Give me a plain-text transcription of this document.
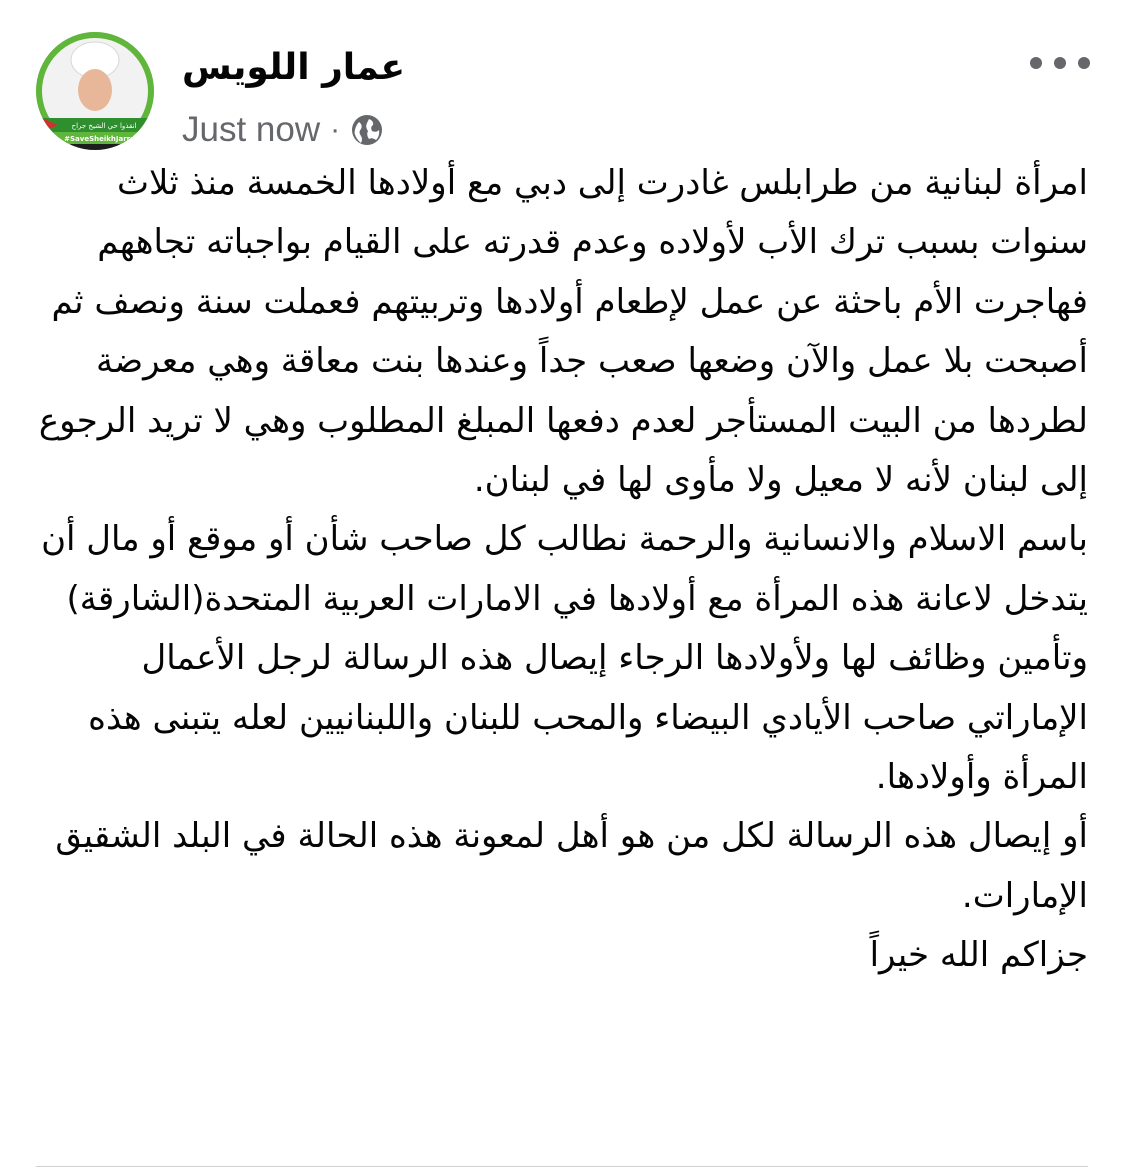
انقذوا حي الشيخ جراح
#SaveSheikhJarrah
عمار اللويس
Just now ·
امرأة لبنانية من طرابلس غادرت إلى دبي مع أولادها الخمسة منذ ثلاث سنوات بسبب ترك الأب لأولاده وعدم قدرته على القيام بواجباته تجاههم
فهاجرت الأم باحثة عن عمل لإطعام أولادها وتربيتهم فعملت سنة ونصف ثم أصبحت بلا عمل والآن وضعها صعب جداً وعندها بنت معاقة وهي معرضة لطردها من البيت المستأجر لعدم دفعها المبلغ المطلوب وهي لا تريد الرجوع إلى لبنان لأنه لا معيل ولا مأوى لها في لبنان.
باسم الاسلام والانسانية والرحمة نطالب كل صاحب شأن أو موقع أو مال أن يتدخل لاعانة هذه المرأة مع أولادها في الامارات العربية المتحدة(الشارقة) وتأمين وظائف لها ولأولادها الرجاء إيصال هذه الرسالة لرجل الأعمال الإماراتي صاحب الأيادي البيضاء والمحب للبنان واللبنانيين لعله يتبنى هذه المرأة وأولادها.
أو إيصال هذه الرسالة لكل من هو أهل لمعونة هذه الحالة في البلد الشقيق الإمارات.
جزاكم الله خيراً
